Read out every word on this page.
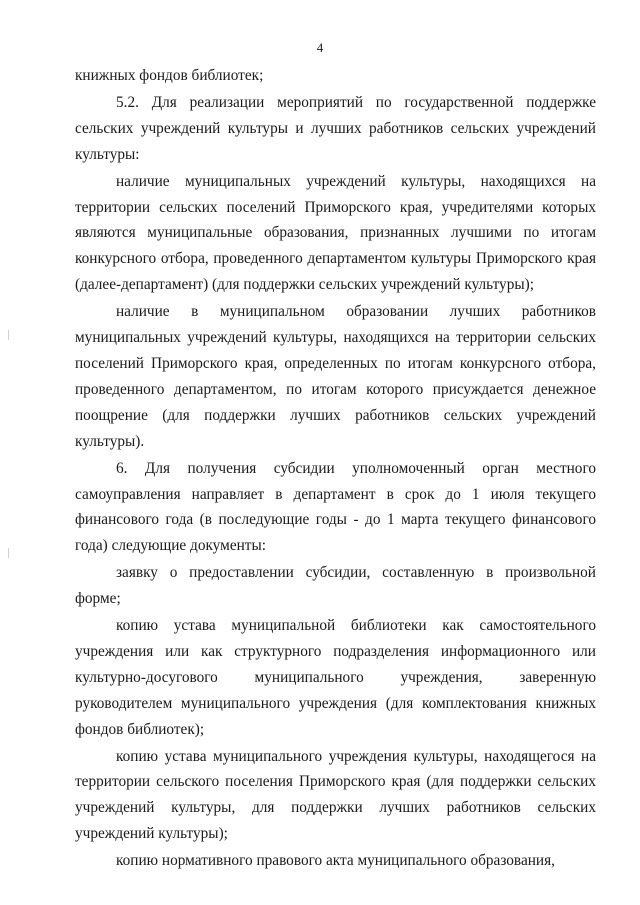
4

книжных фондов библиотек;

5.2. Для реализации мероприятий по государственной поддержке сельских учреждений культуры и лучших работников сельских учреждений культуры:

наличие муниципальных учреждений культуры, находящихся на территории сельских поселений Приморского края, учредителями которых являются муниципальные образования, признанных лучшими по итогам конкурсного отбора, проведенного департаментом культуры Приморского края (далее-департамент) (для поддержки сельских учреждений культуры);

наличие в муниципальном образовании лучших работников муниципальных учреждений культуры, находящихся на территории сельских поселений Приморского края, определенных по итогам конкурсного отбора, проведенного департаментом, по итогам которого присуждается денежное поощрение (для поддержки лучших работников сельских учреждений культуры).

6. Для получения субсидии уполномоченный орган местного самоуправления направляет в департамент в срок до 1 июля текущего финансового года (в последующие годы - до 1 марта текущего финансового года) следующие документы:

заявку о предоставлении субсидии, составленную в произвольной форме;

копию устава муниципальной библиотеки как самостоятельного учреждения или как структурного подразделения информационного или культурно-досугового муниципального учреждения, заверенную руководителем муниципального учреждения (для комплектования книжных фондов библиотек);

копию устава муниципального учреждения культуры, находящегося на территории сельского поселения Приморского края (для поддержки сельских учреждений культуры, для поддержки лучших работников сельских учреждений культуры);

копию нормативного правового акта муниципального образования,
